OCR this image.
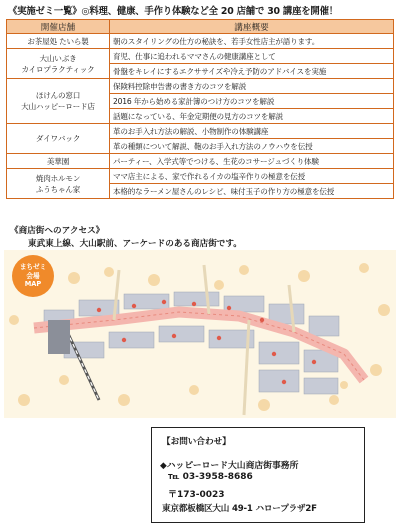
《実施ゼミ一覧》◎料理、健康、手作り体験など全 20 店舗で 30 講座を開催！
開催店舗	講座概要
お茶屋処 たいら製	朝のスタイリングの仕方の秘訣を、若手女性店主が語ります。
大山いぶき
カイロプラクティック	育児、仕事に追われるママさんの健康講座として
	骨盤をキレイにするエクササイズや冷え予防のアドバイスを実施
ほけんの窓口
大山ハッピーロード店	保険料控除申告書の書き方のコツを解説
	2016 年から始める家計簿のつけ方のコツを解説
	話題になっている、年金定期便の見方のコツを解説
ダイワバック	革のお手入れ方法の解説、小物制作の体験講座
	革の種類について解説、鞄のお手入れ方法のノウハウを伝授
美華園	パーティー、入学式等でつける、生花のコサージュづくり体験
焼肉ホルモン
ふうちゃん家	ママ店主による、家で作れるイカの塩辛作りの極意を伝授
	本格的なラーメン屋さんのレシピ、味付玉子の作り方の極意を伝授
《商店街へのアクセス》
東武東上線、大山駅前、アーケードのある商店街です。
まちゼミ
会場
MAP
【お問い合わせ】
◆ハッピーロード大山商店街事務所
℡ 03-3958-8686
〒173-0023
東京都板橋区大山 49-1 ハロープラザ2F
